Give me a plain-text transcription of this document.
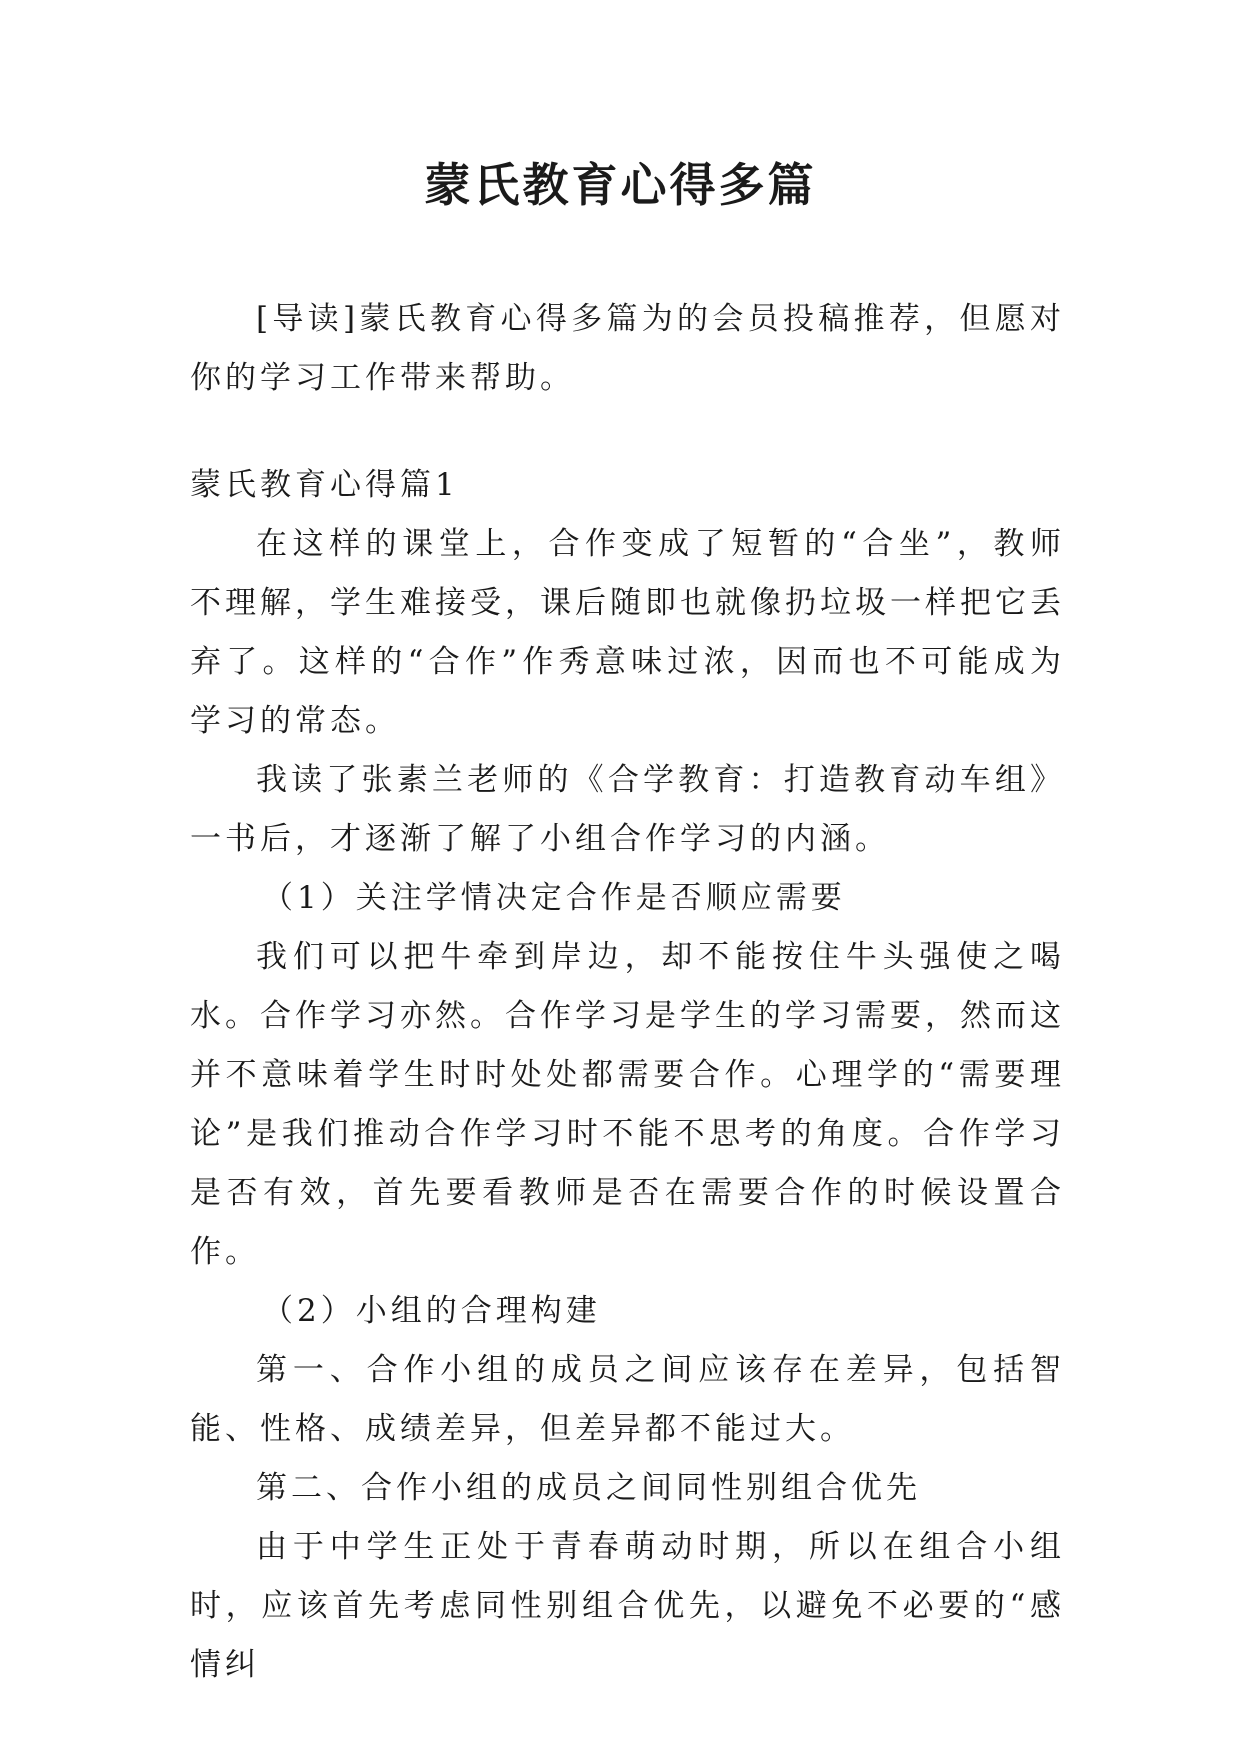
蒙氏教育心得多篇

[导读]蒙氏教育心得多篇为的会员投稿推荐，但愿对你的学习工作带来帮助。

蒙氏教育心得篇1

在这样的课堂上，合作变成了短暂的“合坐”，教师不理解，学生难接受，课后随即也就像扔垃圾一样把它丢弃了。这样的“合作”作秀意味过浓，因而也不可能成为学习的常态。

我读了张素兰老师的《合学教育：打造教育动车组》一书后，才逐渐了解了小组合作学习的内涵。

（1）关注学情决定合作是否顺应需要

我们可以把牛牵到岸边，却不能按住牛头强使之喝水。合作学习亦然。合作学习是学生的学习需要，然而这并不意味着学生时时处处都需要合作。心理学的“需要理论”是我们推动合作学习时不能不思考的角度。合作学习是否有效，首先要看教师是否在需要合作的时候设置合作。

（2）小组的合理构建

第一、合作小组的成员之间应该存在差异，包括智能、性格、成绩差异，但差异都不能过大。

第二、合作小组的成员之间同性别组合优先

由于中学生正处于青春萌动时期，所以在组合小组时，应该首先考虑同性别组合优先，以避免不必要的“感情纠
